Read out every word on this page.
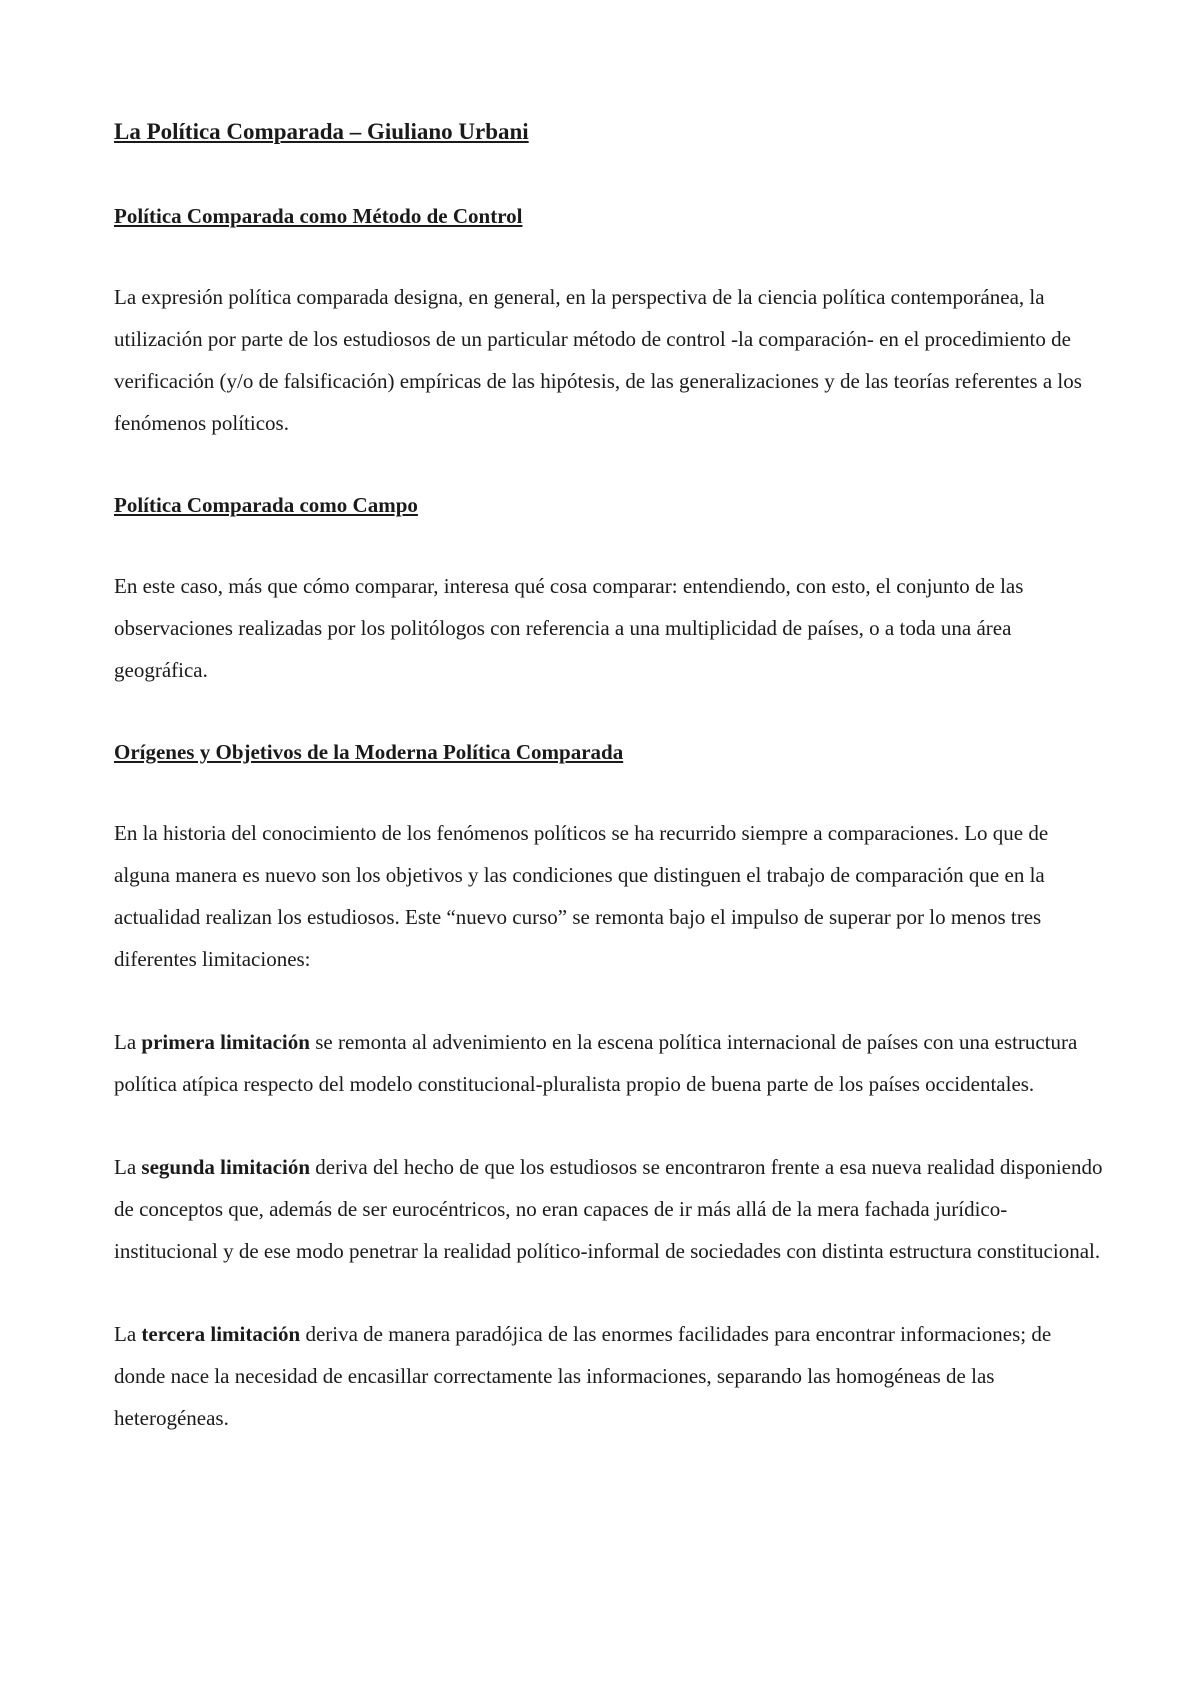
La Política Comparada – Giuliano Urbani
Política Comparada como Método de Control

La expresión política comparada designa, en general, en la perspectiva de la ciencia política contemporánea, la utilización por parte de los estudiosos de un particular método de control -la comparación- en el procedimiento de verificación (y/o de falsificación) empíricas de las hipótesis, de las generalizaciones y de las teorías referentes a los fenómenos políticos.

Política Comparada como Campo

En este caso, más que cómo comparar, interesa qué cosa comparar: entendiendo, con esto, el conjunto de las observaciones realizadas por los politólogos con referencia a una multiplicidad de países, o a toda una área geográfica.

Orígenes y Objetivos de la Moderna Política Comparada

En la historia del conocimiento de los fenómenos políticos se ha recurrido siempre a comparaciones. Lo que de alguna manera es nuevo son los objetivos y las condiciones que distinguen el trabajo de comparación que en la actualidad realizan los estudiosos. Este “nuevo curso” se remonta bajo el impulso de superar por lo menos tres diferentes limitaciones:

La primera limitación se remonta al advenimiento en la escena política internacional de países con una estructura política atípica respecto del modelo constitucional-pluralista propio de buena parte de los países occidentales.

La segunda limitación deriva del hecho de que los estudiosos se encontraron frente a esa nueva realidad disponiendo de conceptos que, además de ser eurocéntricos, no eran capaces de ir más allá de la mera fachada jurídico-institucional y de ese modo penetrar la realidad político-informal de sociedades con distinta estructura constitucional.

La tercera limitación deriva de manera paradójica de las enormes facilidades para encontrar informaciones; de donde nace la necesidad de encasillar correctamente las informaciones, separando las homogéneas de las heterogéneas.
